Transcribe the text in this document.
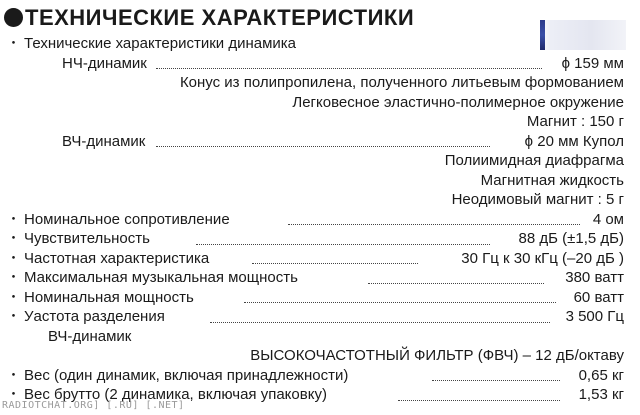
ТЕХНИЧЕСКИЕ ХАРАКТЕРИСТИКИ
・ Технические характеристики динамика
НЧ-динамик	ϕ 159 мм
Конус из полипропилена, полученного литьевым формованием
Легковесное эластично-полимерное окружение
Магнит : 150 г
ВЧ-динамик	ϕ 20 мм Купол
Полиимидная диафрагма
Магнитная жидкость
Неодимовый магнит : 5 г
・ Номинальное сопротивление	4 ом
・ Чувствительность	88 дБ (±1,5 дБ)
・ Частотная характеристика	30 Гц к 30 кГц (–20 дБ )
・ Максимальная музыкальная мощность	380 ватт
・ Номинальная мощность	60 ватт
・ Уастота разделения	3 500 Гц
ВЧ-динамик
ВЫСОКОЧАСТОТНЫЙ ФИЛЬТР (ФВЧ) – 12 дБ/октаву
・ Вес (один динамик, включая принадлежности)	0,65 кг
・ Вес брутто (2 динамика, включая упаковку)	1,53 кг
RADIOTCHAT.ORG] [.RU] [.NET]
